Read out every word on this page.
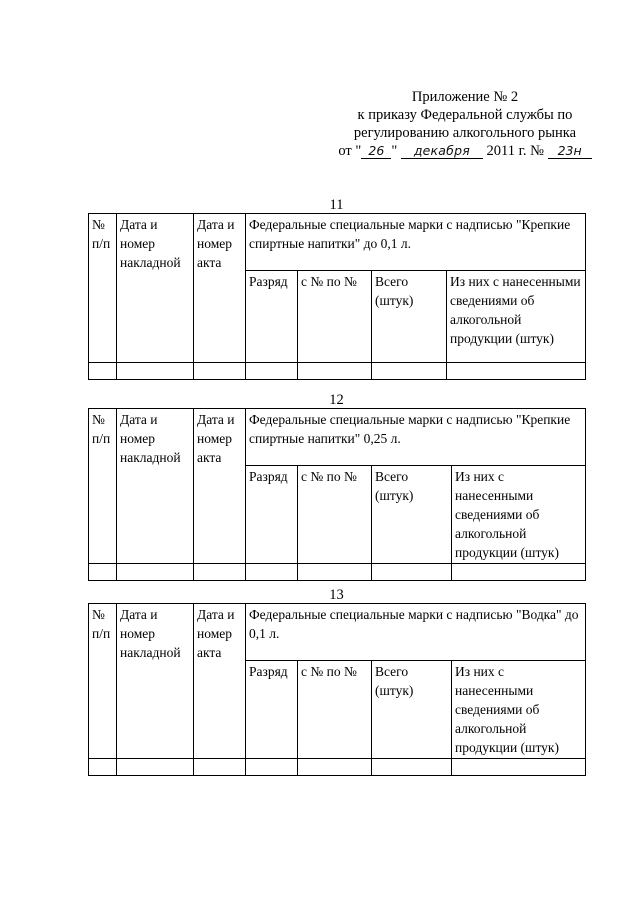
Приложение № 2
к приказу Федеральной службы по
регулированию алкогольного рынка
от " 26 " декабря 2011 г. № 23н
11
№ п/п	Дата и номер накладной	Дата и номер акта	Федеральные специальные марки с надписью "Крепкие спиртные напитки" до 0,1 л.			
			Разряд	с № по №	Всего (штук)	Из них с нанесенными сведениями об алкогольной продукции (штук)

12
№ п/п	Дата и номер накладной	Дата и номер акта	Федеральные специальные марки с надписью "Крепкие спиртные напитки" 0,25 л.			
			Разряд	с № по №	Всего (штук)	Из них с нанесенными сведениями об алкогольной продукции (штук)

13
№ п/п	Дата и номер накладной	Дата и номер акта	Федеральные специальные марки с надписью "Водка" до 0,1 л.			
			Разряд	с № по №	Всего (штук)	Из них с нанесенными сведениями об алкогольной продукции (штук)
